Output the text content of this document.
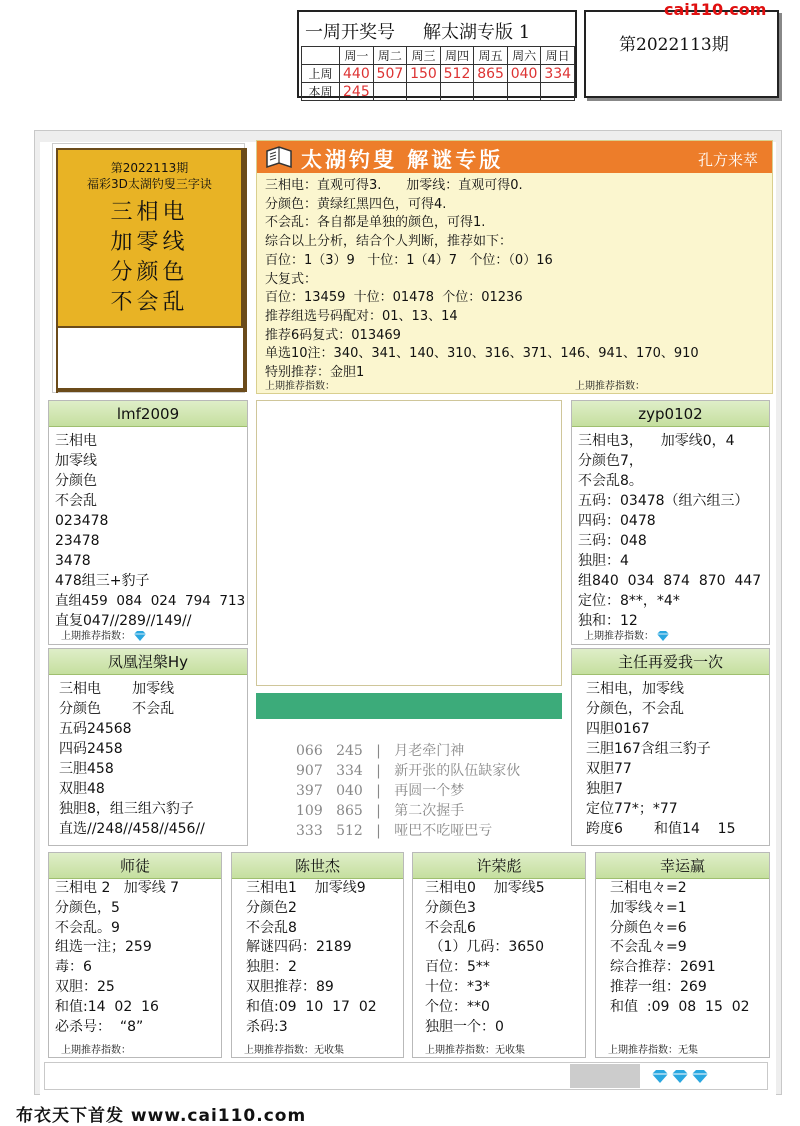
一周开奖号 解太湖专版 1
	周一	周二	周三	周四	周五	周六	周日
上周	440	507	150	512	865	040	334
本周	245						
第2022113期
cai110.com
第2022113期
福彩3D太湖钓叟三字诀
三相电
加零线
分颜色
不会乱
太湖钓叟 解谜专版	孔方来萃
三相电：直观可得3.      加零线：直观可得0.
分颜色：黄绿红黑四色，可得4.
不会乱：各自都是单独的颜色，可得1.
综合以上分析，结合个人判断，推荐如下：
百位：1（3）9   十位：1（4）7   个位：（0）16
大复式：
百位：13459  十位：01478  个位：01236
推荐组选号码配对：01、13、14
推荐6码复式：013469
单选10注：340、341、140、310、316、371、146、941、170、910
特别推荐：金胆1
上期推荐指数：	上期推荐指数：
lmf2009
三相电
加零线
分颜色
不会乱
023478
23478
3478
478组三+豹子
直组459  084  024  794  713
直复047//289//149//
上期推荐指数：
zyp0102
三相电3，    加零线0，4
分颜色7，
不会乱8。
五码：03478（组六组三）
四码：0478
三码：048
独胆：4
组840  034  874  870  447
定位：8**，*4*
独和：12
上期推荐指数：
066 245   |   月老牵门神
907 334   |   新开张的队伍缺家伙
397 040   |   再圆一个梦
109 865   |   第二次握手
333 512   |   哑巴不吃哑巴亏
凤凰涅槃Hy
三相电       加零线
分颜色       不会乱
五码24568
四码2458
三胆458
双胆48
独胆8，组三组六豹子
直选//248//458//456//
主任再爱我一次
三相电，加零线
分颜色，不会乱
四胆0167
三胆167含组三豹子
双胆77
独胆7
定位77*；*77
跨度6       和值14    15
师徒
三相电 2   加零线 7
分颜色，5
不会乱。9
组选一注；259
毒：6
双胆：25
和值:14  02  16
必杀号：  “8”
上期推荐指数：
陈世杰
三相电1    加零线9
分颜色2
不会乱8
解谜四码：2189
独胆：2
双胆推荐：89
和值:09  10  17  02
杀码:3
上期推荐指数：无收集
许荣彪
三相电0    加零线5
分颜色3
不会乱6
（1）几码：3650
百位：5**
十位：*3*
个位：**0
独胆一个：0
上期推荐指数：无收集
幸运赢
三相电々=2
加零线々=1
分颜色々=6
不会乱々=9
综合推荐：2691
推荐一组：269
和值  :09  08  15  02
上期推荐指数：无集
布衣天下首发 www.cai110.com
